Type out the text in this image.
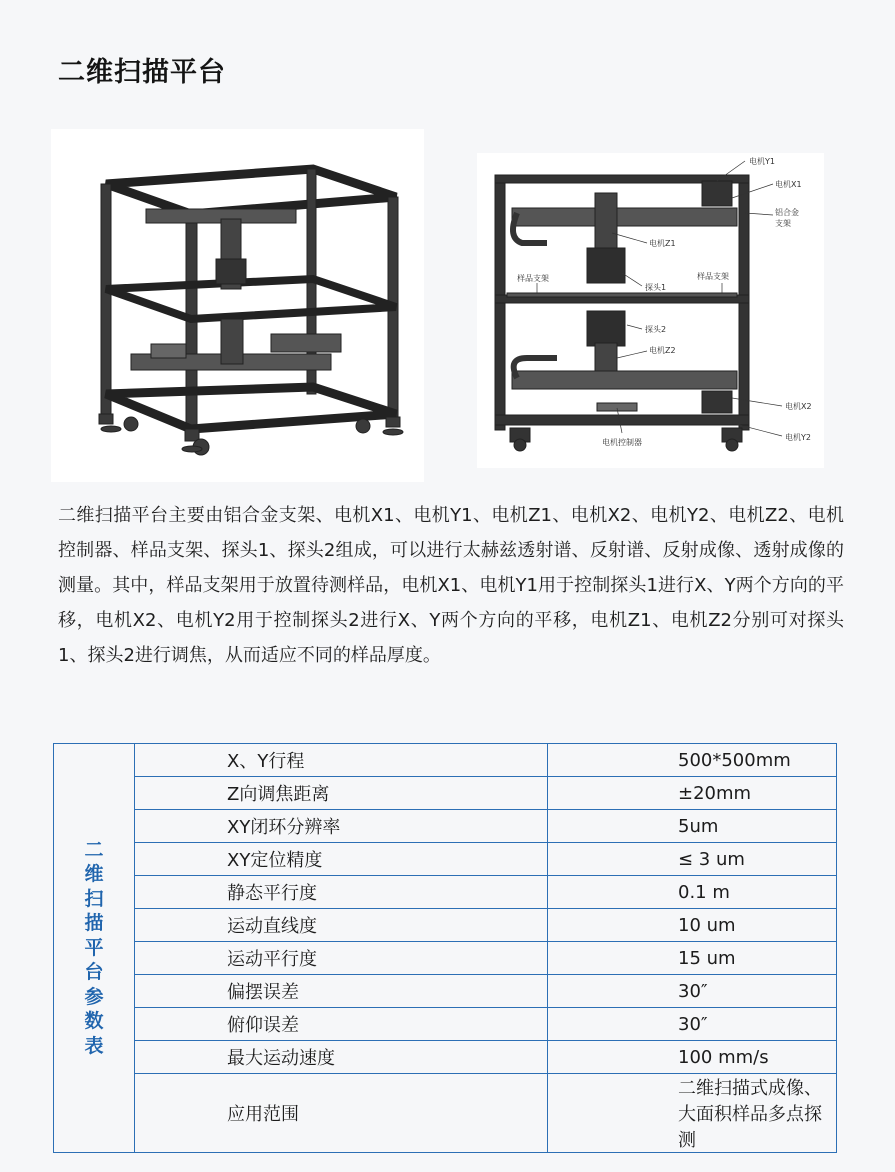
二维扫描平台
电机Y1
电机X1
铝合金
支架
电机Z1
样品支架	样品支架
探头1
探头2
电机Z2
电机X2
电机Y2
电机控制器
二维扫描平台主要由铝合金支架、电机X1、电机Y1、电机Z1、电机X2、电机Y2、电机Z2、电机控制器、样品支架、探头1、探头2组成，可以进行太赫兹透射谱、反射谱、反射成像、透射成像的测量。其中，样品支架用于放置待测样品，电机X1、电机Y1用于控制探头1进行X、Y两个方向的平移，电机X2、电机Y2用于控制探头2进行X、Y两个方向的平移，电机Z1、电机Z2分别可对探头1、探头2进行调焦，从而适应不同的样品厚度。
二维扫描平台参数表	X、Y行程	500*500mm
	Z向调焦距离	±20mm
	XY闭环分辨率	5um
	XY定位精度	≤ 3 um
	静态平行度	0.1 m
	运动直线度	10 um
	运动平行度	15 um
	偏摆误差	30″
	俯仰误差	30″
	最大运动速度	100 mm/s
	应用范围	二维扫描式成像、大面积样品多点探测
